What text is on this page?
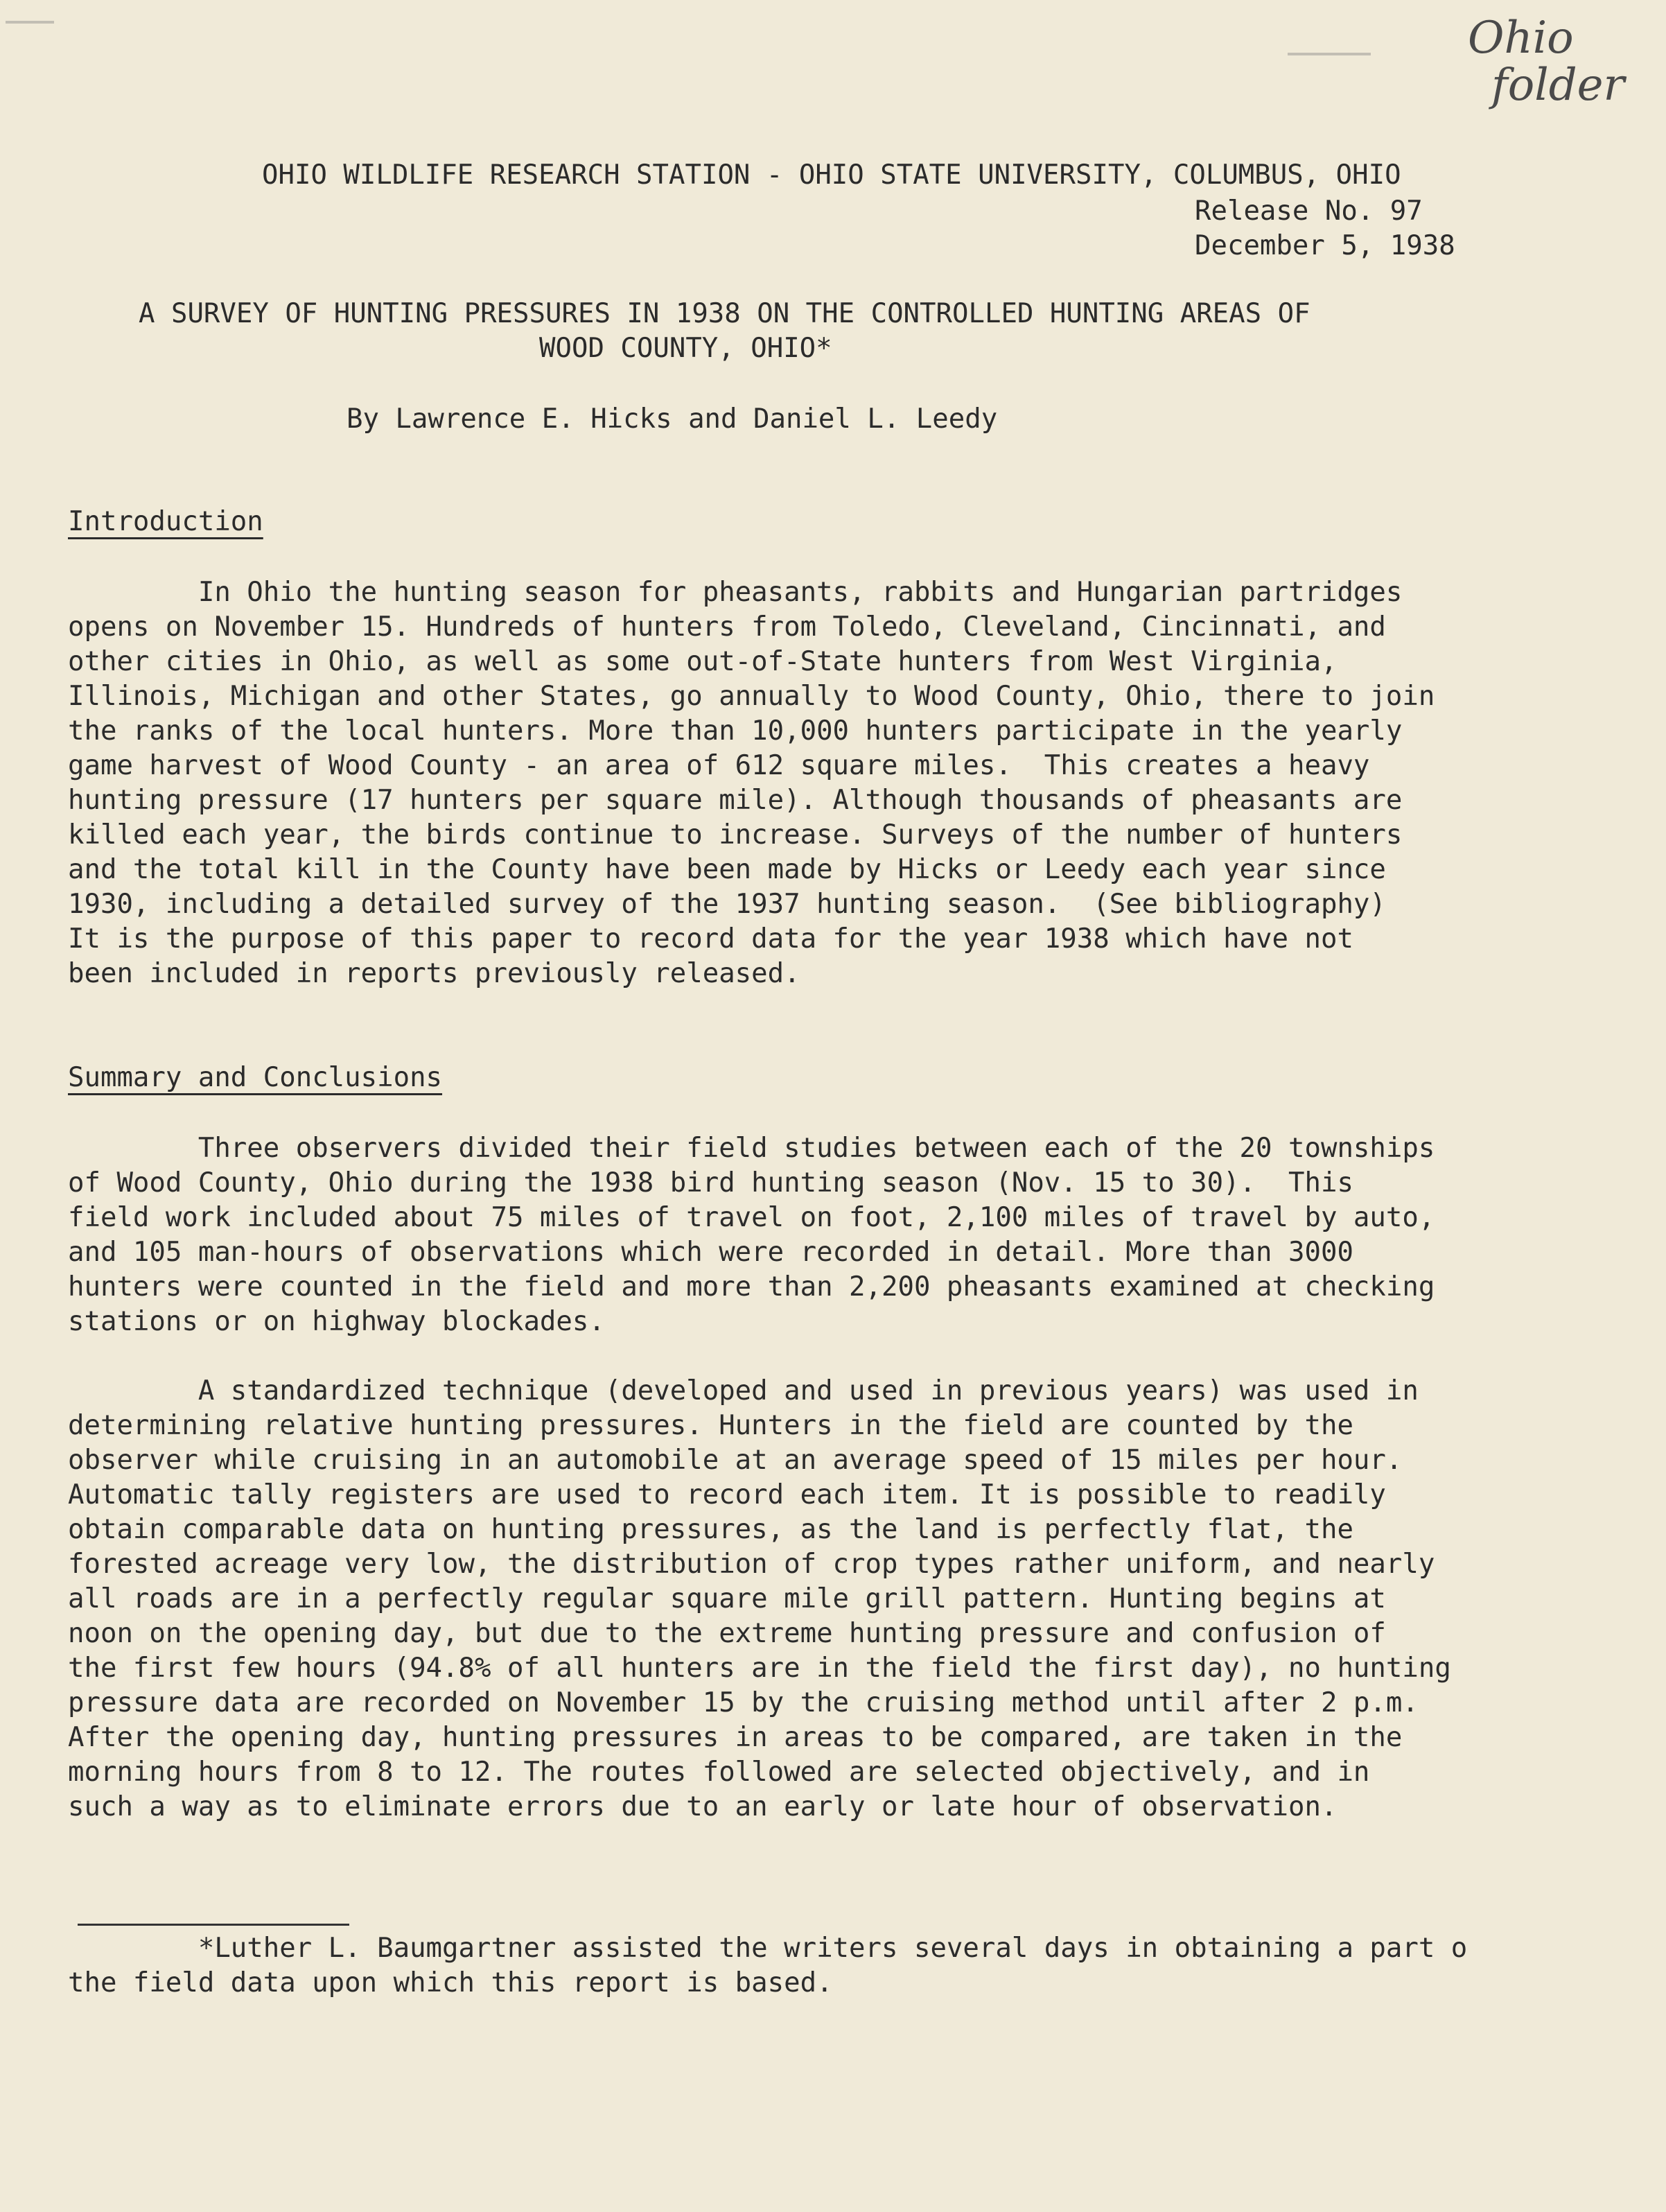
Ohio
folder
OHIO WILDLIFE RESEARCH STATION - OHIO STATE UNIVERSITY, COLUMBUS, OHIO
Release No. 97
December 5, 1938
A SURVEY OF HUNTING PRESSURES IN 1938 ON THE CONTROLLED HUNTING AREAS OF
WOOD COUNTY, OHIO*
By Lawrence E. Hicks and Daniel L. Leedy
Introduction
In Ohio the hunting season for pheasants, rabbits and Hungarian partridges
opens on November 15. Hundreds of hunters from Toledo, Cleveland, Cincinnati, and
other cities in Ohio, as well as some out-of-State hunters from West Virginia,
Illinois, Michigan and other States, go annually to Wood County, Ohio, there to join
the ranks of the local hunters. More than 10,000 hunters participate in the yearly
game harvest of Wood County - an area of 612 square miles.  This creates a heavy
hunting pressure (17 hunters per square mile). Although thousands of pheasants are
killed each year, the birds continue to increase. Surveys of the number of hunters
and the total kill in the County have been made by Hicks or Leedy each year since
1930, including a detailed survey of the 1937 hunting season.  (See bibliography)
It is the purpose of this paper to record data for the year 1938 which have not
been included in reports previously released.
Summary and Conclusions
Three observers divided their field studies between each of the 20 townships
of Wood County, Ohio during the 1938 bird hunting season (Nov. 15 to 30).  This
field work included about 75 miles of travel on foot, 2,100 miles of travel by auto,
and 105 man-hours of observations which were recorded in detail. More than 3000
hunters were counted in the field and more than 2,200 pheasants examined at checking
stations or on highway blockades.
A standardized technique (developed and used in previous years) was used in
determining relative hunting pressures. Hunters in the field are counted by the
observer while cruising in an automobile at an average speed of 15 miles per hour.
Automatic tally registers are used to record each item. It is possible to readily
obtain comparable data on hunting pressures, as the land is perfectly flat, the
forested acreage very low, the distribution of crop types rather uniform, and nearly
all roads are in a perfectly regular square mile grill pattern. Hunting begins at
noon on the opening day, but due to the extreme hunting pressure and confusion of
the first few hours (94.8% of all hunters are in the field the first day), no hunting
pressure data are recorded on November 15 by the cruising method until after 2 p.m.
After the opening day, hunting pressures in areas to be compared, are taken in the
morning hours from 8 to 12. The routes followed are selected objectively, and in
such a way as to eliminate errors due to an early or late hour of observation.
*Luther L. Baumgartner assisted the writers several days in obtaining a part o
the field data upon which this report is based.
